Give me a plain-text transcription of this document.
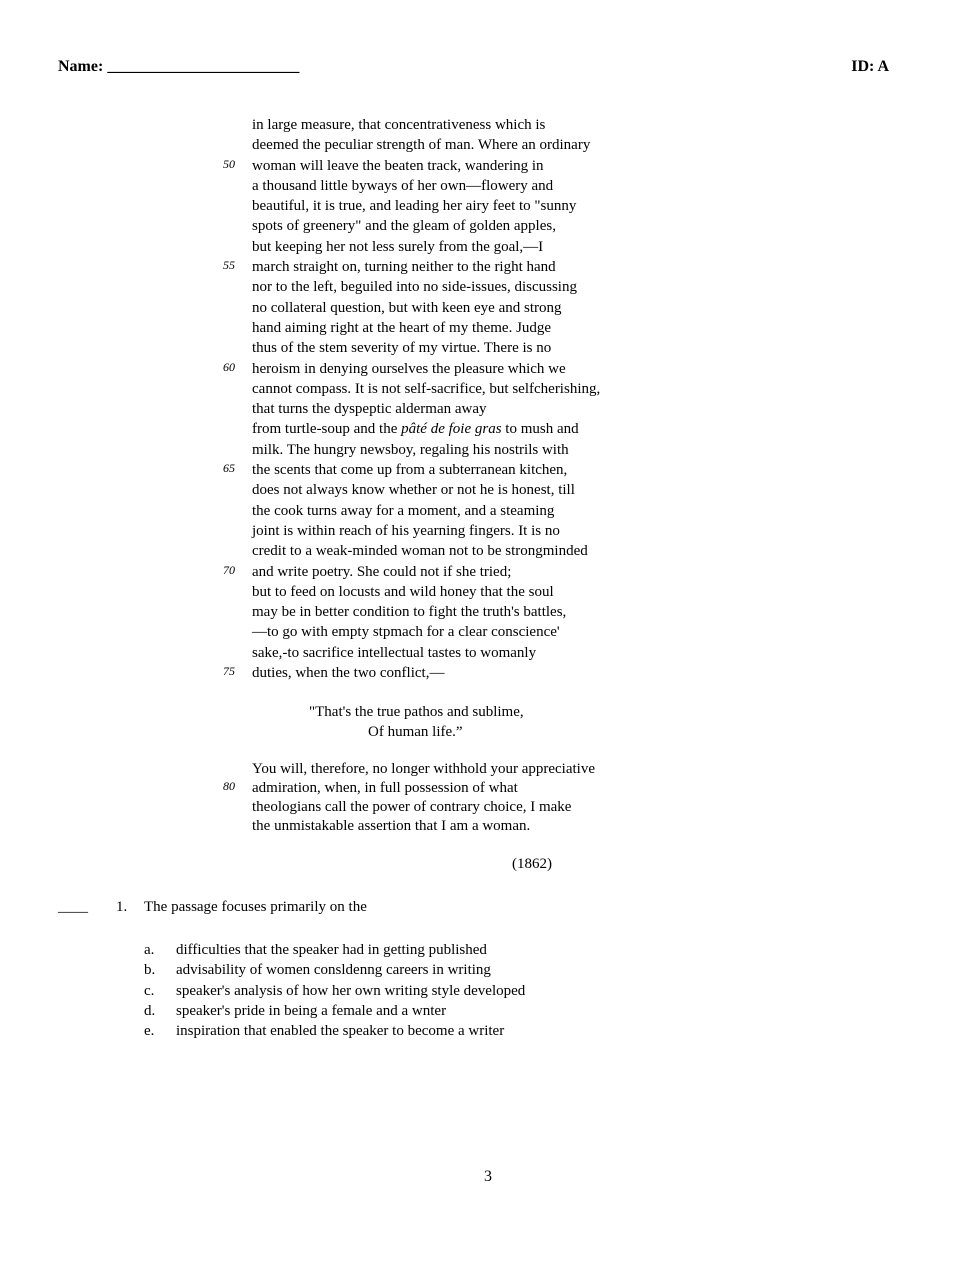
Name: ________________________	ID: A
in large measure, that concentrativeness which is
deemed the peculiar strength of man. Where an ordinary
50 woman will leave the beaten track, wandering in
a thousand little byways of her own—flowery and
beautiful, it is true, and leading her airy feet to "sunny
spots of greenery" and the gleam of golden apples,
but keeping her not less surely from the goal,—I
55 march straight on, turning neither to the right hand
nor to the left, beguiled into no side-issues, discussing
no collateral question, but with keen eye and strong
hand aiming right at the heart of my theme. Judge
thus of the stem severity of my virtue. There is no
60 heroism in denying ourselves the pleasure which we
cannot compass. It is not self-sacrifice, but selfcherishing,
that turns the dyspeptic alderman away
from turtle-soup and the pâté de foie gras to mush and
milk. The hungry newsboy, regaling his nostrils with
65 the scents that come up from a subterranean kitchen,
does not always know whether or not he is honest, till
the cook turns away for a moment, and a steaming
joint is within reach of his yearning fingers. It is no
credit to a weak-minded woman not to be strongminded
70 and write poetry. She could not if she tried;
but to feed on locusts and wild honey that the soul
may be in better condition to fight the truth's battles,
—to go with empty stpmach for a clear conscience'
sake,-to sacrifice intellectual tastes to womanly
75 duties, when the two conflict,—
"That's the true pathos and sublime,
Of human life.”
You will, therefore, no longer withhold your appreciative
80 admiration, when, in full possession of what
theologians call the power of contrary choice, I make
the unmistakable assertion that I am a woman.
(1862)
____ 1. The passage focuses primarily on the
a. difficulties that the speaker had in getting published
b. advisability of women consldenng careers in writing
c. speaker's analysis of how her own writing style developed
d. speaker's pride in being a female and a wnter
e. inspiration that enabled the speaker to become a writer
3
